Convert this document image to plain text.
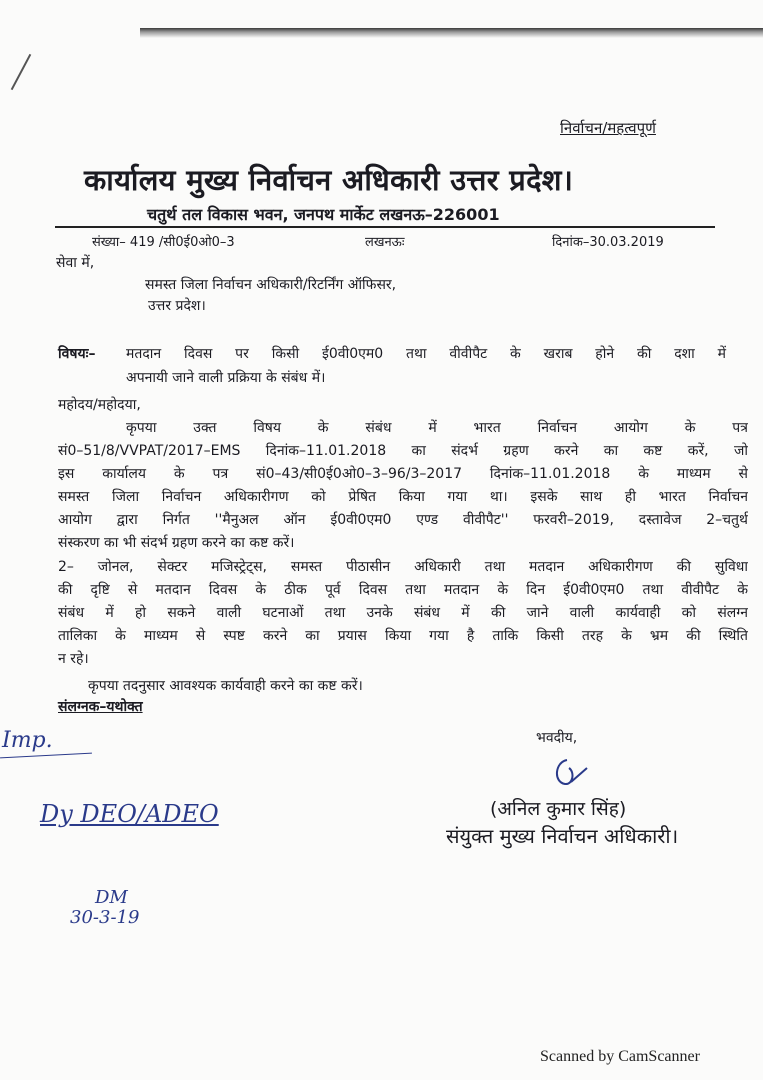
निर्वाचन/महत्वपूर्ण
कार्यालय मुख्य निर्वाचन अधिकारी उत्तर प्रदेश।
चतुर्थ तल विकास भवन, जनपथ मार्केट लखनऊ–226001
संख्या– 419 /सी0ई0ओ0–3	लखनऊः	दिनांक–30.03.2019
सेवा में,
समस्त जिला निर्वाचन अधिकारी/रिटर्निंग ऑफिसर,
उत्तर प्रदेश।
विषयः– मतदान दिवस पर किसी ई0वी0एम0 तथा वीवीपैट के खराब होने की दशा में
अपनायी जाने वाली प्रक्रिया के संबंध में।
महोदय/महोदया,
कृपया उक्त विषय के संबंध में भारत निर्वाचन आयोग के पत्र
सं0–51/8/VVPAT/2017–EMS दिनांक–11.01.2018 का संदर्भ ग्रहण करने का कष्ट करें, जो
इस कार्यालय के पत्र सं0–43/सी0ई0ओ0–3–96/3–2017 दिनांक–11.01.2018 के माध्यम से
समस्त जिला निर्वाचन अधिकारीगण को प्रेषित किया गया था। इसके साथ ही भारत निर्वाचन
आयोग द्वारा निर्गत ''मैनुअल ऑन ई0वी0एम0 एण्ड वीवीपैट'' फरवरी–2019, दस्तावेज 2–चतुर्थ
संस्करण का भी संदर्भ ग्रहण करने का कष्ट करें।
2– जोनल, सेक्टर मजिस्ट्रेट्स, समस्त पीठासीन अधिकारी तथा मतदान अधिकारीगण की सुविधा
की दृष्टि से मतदान दिवस के ठीक पूर्व दिवस तथा मतदान के दिन ई0वी0एम0 तथा वीवीपैट के
संबंध में हो सकने वाली घटनाओं तथा उनके संबंध में की जाने वाली कार्यवाही को संलग्न
तालिका के माध्यम से स्पष्ट करने का प्रयास किया गया है ताकि किसी तरह के भ्रम की स्थिति
न रहे।
कृपया तदनुसार आवश्यक कार्यवाही करने का कष्ट करें।
संलग्नक–यथोक्त
Imp.
Dy DEO/ADEO
DM
30-3-19
भवदीय,
(अनिल कुमार सिंह)
संयुक्त मुख्य निर्वाचन अधिकारी।
Scanned by CamScanner
